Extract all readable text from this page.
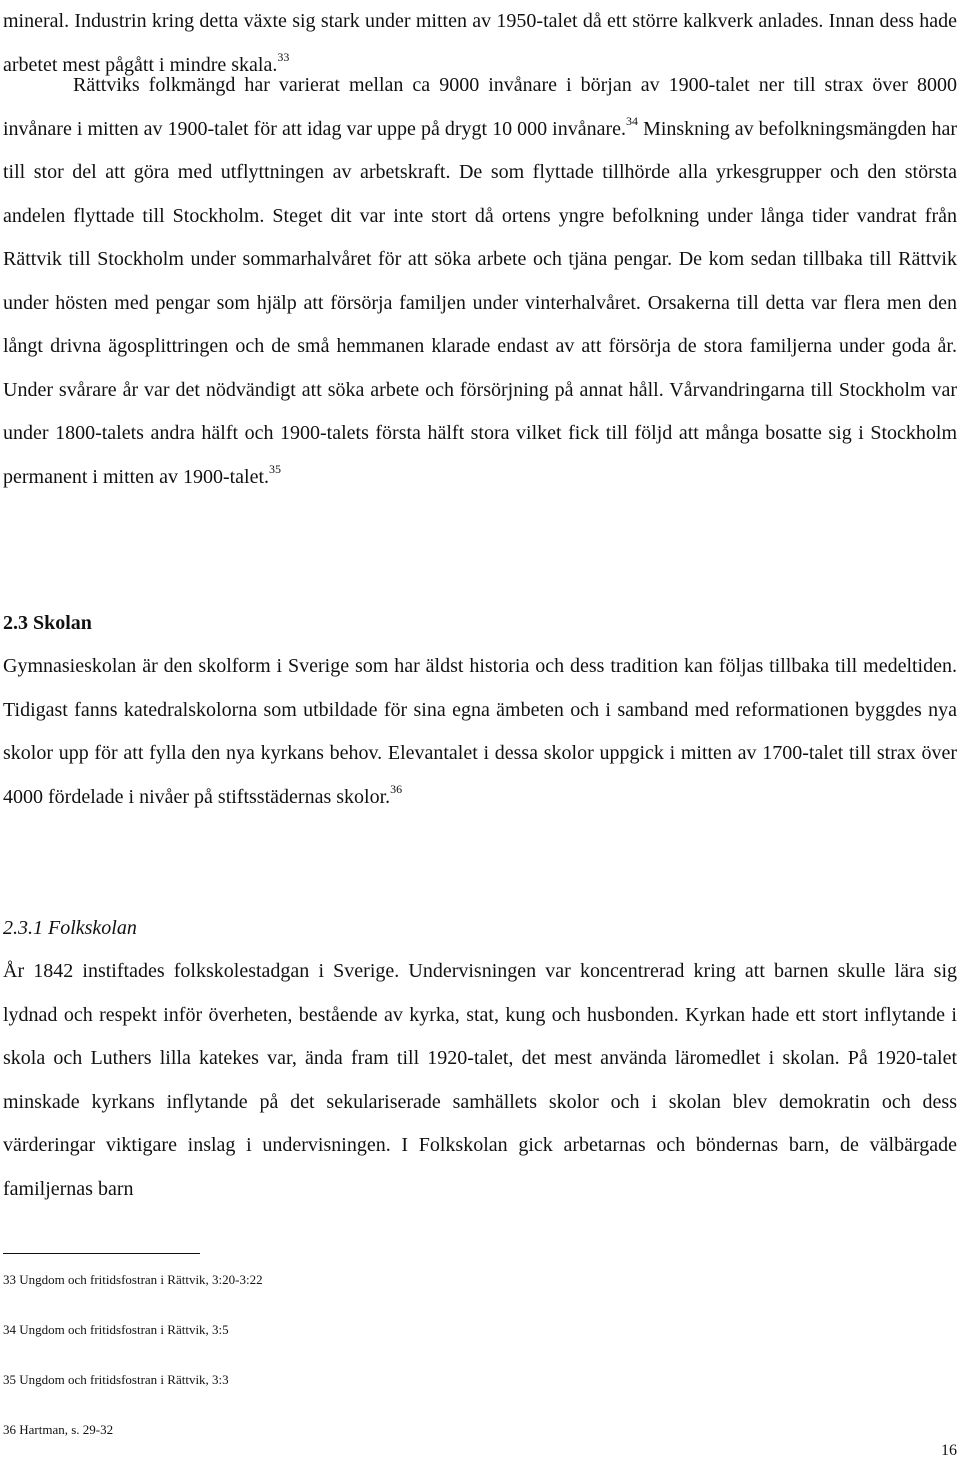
mineral. Industrin kring detta växte sig stark under mitten av 1950-talet då ett större kalkverk anlades. Innan dess hade arbetet mest pågått i mindre skala.$^{33}$

Rättviks folkmängd har varierat mellan ca 9000 invånare i början av 1900-talet ner till strax över 8000 invånare i mitten av 1900-talet för att idag var uppe på drygt 10 000 invånare.$^{34}$ Minskning av befolkningsmängden har till stor del att göra med utflyttningen av arbetskraft. De som flyttade tillhörde alla yrkesgrupper och den största andelen flyttade till Stockholm. Steget dit var inte stort då ortens yngre befolkning under långa tider vandrat från Rättvik till Stockholm under sommarhalvåret för att söka arbete och tjäna pengar. De kom sedan tillbaka till Rättvik under hösten med pengar som hjälp att försörja familjen under vinterhalvåret. Orsakerna till detta var flera men den långt drivna ägosplittringen och de små hemmanen klarade endast av att försörja de stora familjerna under goda år. Under svårare år var det nödvändigt att söka arbete och försörjning på annat håll. Vårvandringarna till Stockholm var under 1800-talets andra hälft och 1900-talets första hälft stora vilket fick till följd att många bosatte sig i Stockholm permanent i mitten av 1900-talet.$^{35}$

2.3 Skolan

Gymnasieskolan är den skolform i Sverige som har äldst historia och dess tradition kan följas tillbaka till medeltiden. Tidigast fanns katedralskolorna som utbildade för sina egna ämbeten och i samband med reformationen byggdes nya skolor upp för att fylla den nya kyrkans behov. Elevantalet i dessa skolor uppgick i mitten av 1700-talet till strax över 4000 fördelade i nivåer på stiftsstädernas skolor.$^{36}$

2.3.1 Folkskolan

År 1842 instiftades folkskolestadgan i Sverige. Undervisningen var koncentrerad kring att barnen skulle lära sig lydnad och respekt inför överheten, bestående av kyrka, stat, kung och husbonden. Kyrkan hade ett stort inflytande i skola och Luthers lilla katekes var, ända fram till 1920-talet, det mest använda läromedlet i skolan. På 1920-talet minskade kyrkans inflytande på det sekulariserade samhällets skolor och i skolan blev demokratin och dess värderingar viktigare inslag i undervisningen. I Folkskolan gick arbetarnas och böndernas barn, de välbärgade familjernas barn

33 Ungdom och fritidsfostran i Rättvik, 3:20-3:22
34 Ungdom och fritidsfostran i Rättvik, 3:5
35 Ungdom och fritidsfostran i Rättvik, 3:3
36 Hartman, s. 29-32
16
